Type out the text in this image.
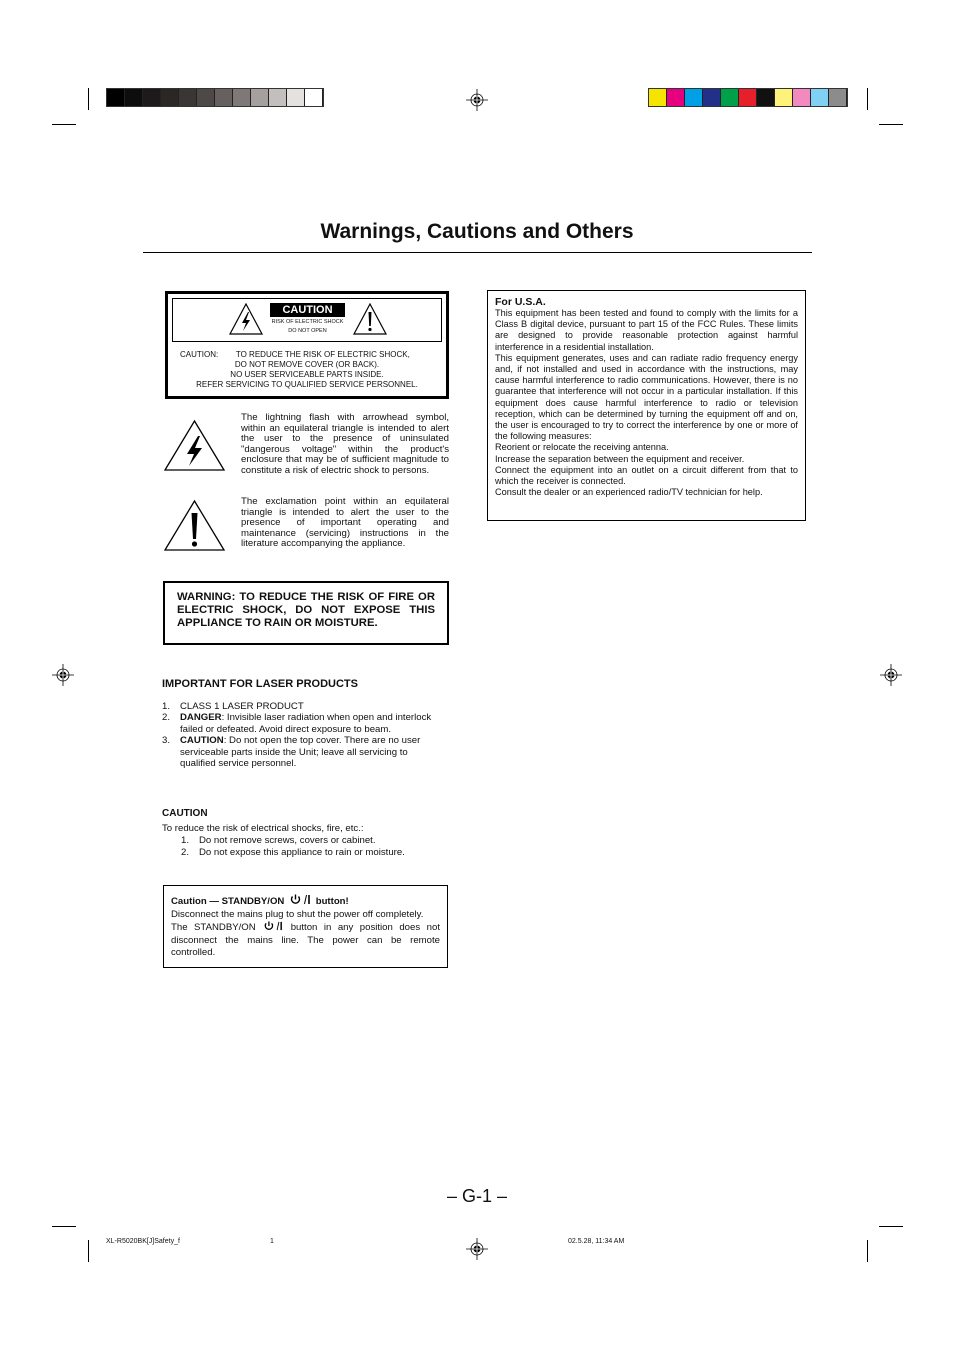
Warnings, Cautions and Others
CAUTION
RISK OF ELECTRIC SHOCK
DO NOT OPEN
CAUTION:        TO REDUCE THE RISK OF ELECTRIC SHOCK,
DO NOT REMOVE COVER (OR BACK).
NO USER SERVICEABLE PARTS INSIDE.
REFER SERVICING TO QUALIFIED SERVICE PERSONNEL.
The lightning flash with arrowhead symbol, within an equilateral triangle is intended to alert the user to the presence of uninsulated "dangerous voltage" within the product's enclosure that may be of sufficient magnitude to constitute a risk of electric shock to persons.
The exclamation point within an equilateral triangle is intended to alert the user to the presence of important operating and maintenance (servicing) instructions in the literature accompanying the appliance.
WARNING: TO REDUCE THE RISK OF FIRE OR ELECTRIC SHOCK, DO NOT EXPOSE THIS APPLIANCE TO RAIN OR MOISTURE.
IMPORTANT FOR LASER PRODUCTS
1.	CLASS 1 LASER PRODUCT
2.	DANGER: Invisible laser radiation when open and interlock failed or defeated. Avoid direct exposure to beam.
3.	CAUTION: Do not open the top cover. There are no user serviceable parts inside the Unit; leave all servicing to qualified service personnel.
CAUTION
To reduce the risk of electrical shocks, fire, etc.:
1.	Do not remove screws, covers or cabinet.
2.	Do not expose this appliance to rain or moisture.
Caution — STANDBY/ON	button!
Disconnect the mains plug to shut the power off completely.
The STANDBY/ON	button in any position does not disconnect the mains line. The power can be remote controlled.
For U.S.A.
This equipment has been tested and found to comply with the limits for a Class B digital device, pursuant to part 15 of the FCC Rules. These limits are designed to provide reasonable protection against harmful interference in a residential installation.
This equipment generates, uses and can radiate radio frequency energy and, if not installed and used in accordance with the instructions, may cause harmful interference to radio communications. However, there is no guarantee that interference will not occur in a particular installation. If this equipment does cause harmful interference to radio or television reception, which can be determined by turning the equipment off and on, the user is encouraged to try to correct the interference by one or more of the following measures:
Reorient or relocate the receiving antenna.
Increase the separation between the equipment and receiver.
Connect the equipment into an outlet on a circuit different from that to which the receiver is connected.
Consult the dealer or an experienced radio/TV technician for help.
– G-1 –
XL-R5020BK[J]Safety_f	1	02.5.28, 11:34 AM
